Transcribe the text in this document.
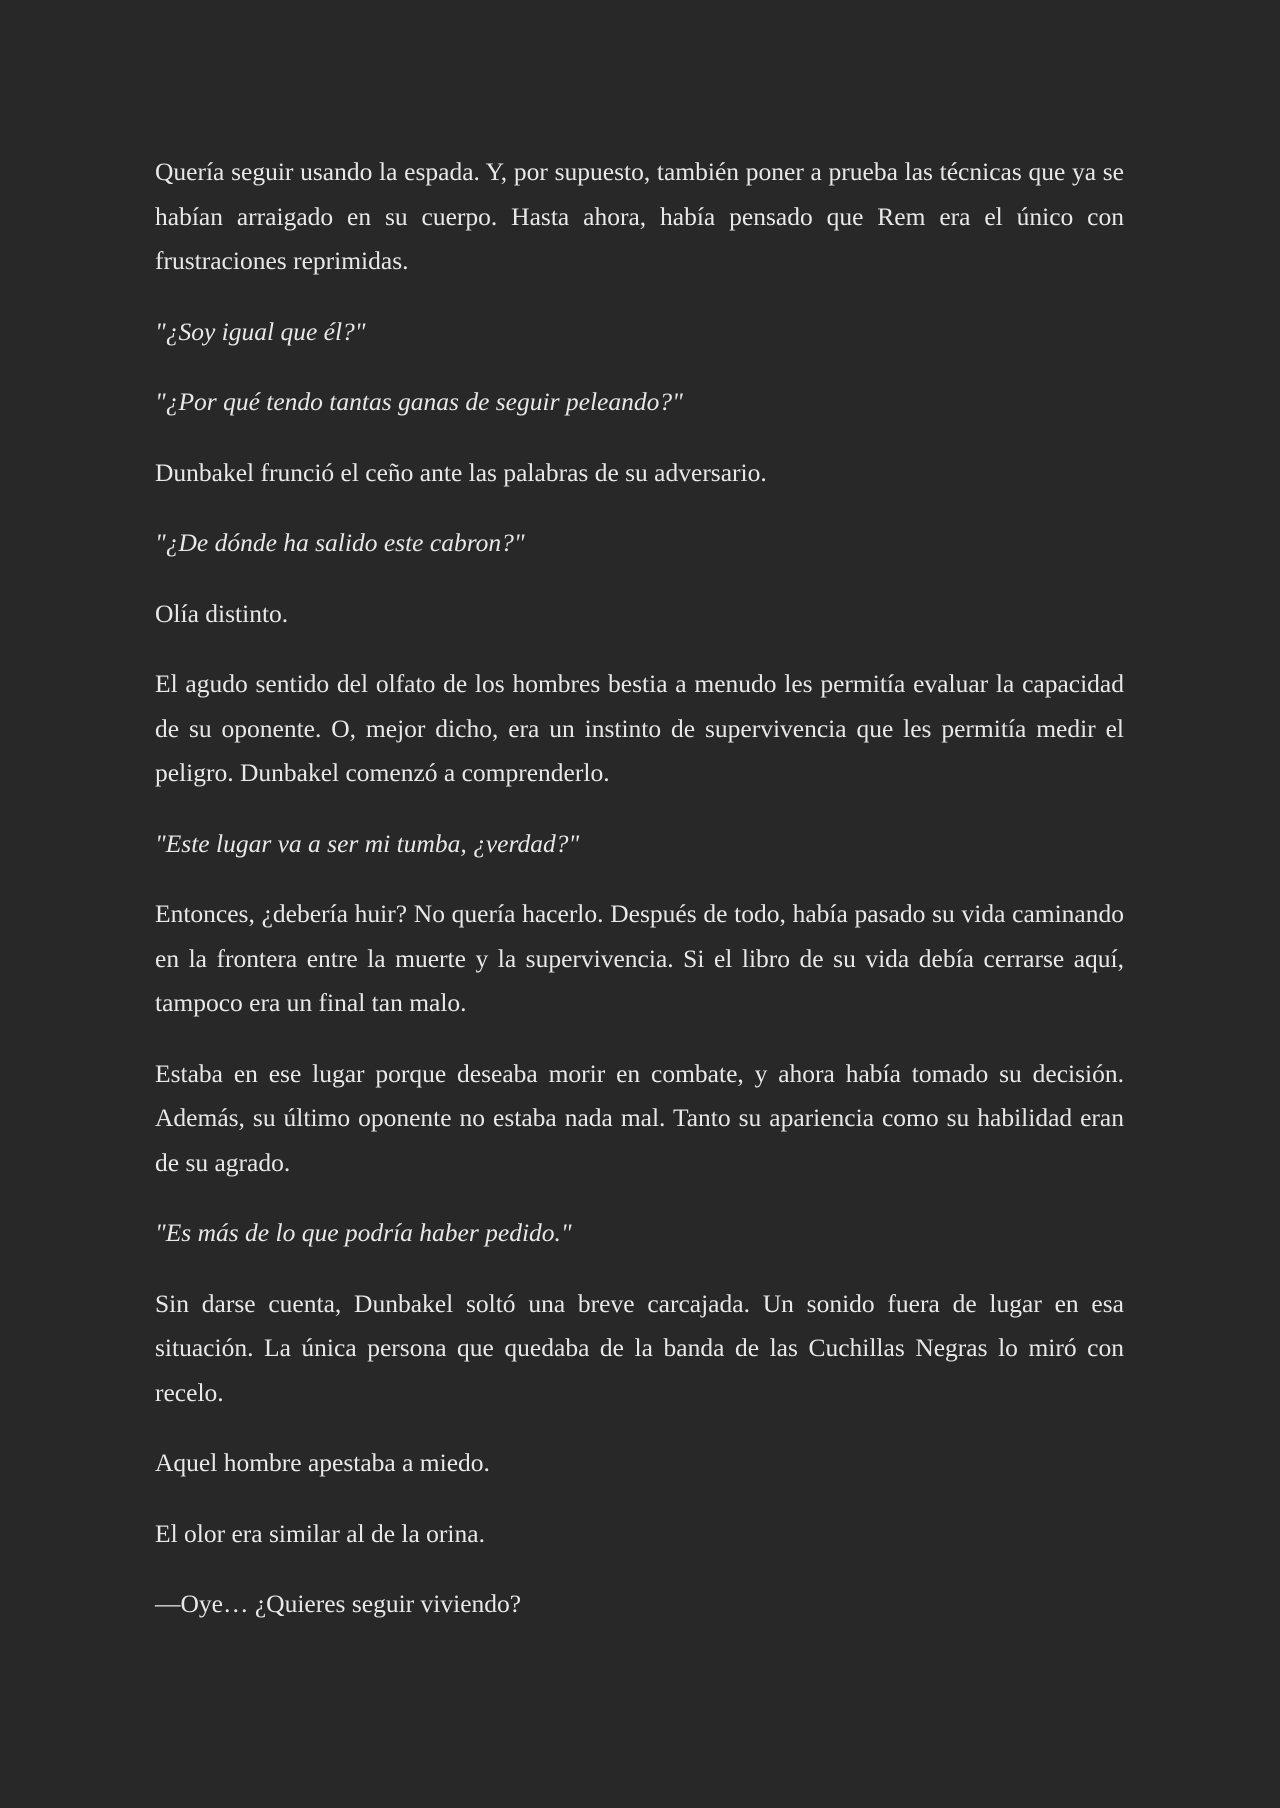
Quería seguir usando la espada. Y, por supuesto, también poner a prueba las técnicas que ya se habían arraigado en su cuerpo. Hasta ahora, había pensado que Rem era el único con frustraciones reprimidas.

"¿Soy igual que él?"

"¿Por qué tendo tantas ganas de seguir peleando?"

Dunbakel frunció el ceño ante las palabras de su adversario.

"¿De dónde ha salido este cabron?"

Olía distinto.

El agudo sentido del olfato de los hombres bestia a menudo les permitía evaluar la capacidad de su oponente. O, mejor dicho, era un instinto de supervivencia que les permitía medir el peligro. Dunbakel comenzó a comprenderlo.

"Este lugar va a ser mi tumba, ¿verdad?"

Entonces, ¿debería huir? No quería hacerlo. Después de todo, había pasado su vida caminando en la frontera entre la muerte y la supervivencia. Si el libro de su vida debía cerrarse aquí, tampoco era un final tan malo.

Estaba en ese lugar porque deseaba morir en combate, y ahora había tomado su decisión. Además, su último oponente no estaba nada mal. Tanto su apariencia como su habilidad eran de su agrado.

"Es más de lo que podría haber pedido."

Sin darse cuenta, Dunbakel soltó una breve carcajada. Un sonido fuera de lugar en esa situación. La única persona que quedaba de la banda de las Cuchillas Negras lo miró con recelo.

Aquel hombre apestaba a miedo.

El olor era similar al de la orina.

—Oye… ¿Quieres seguir viviendo?
